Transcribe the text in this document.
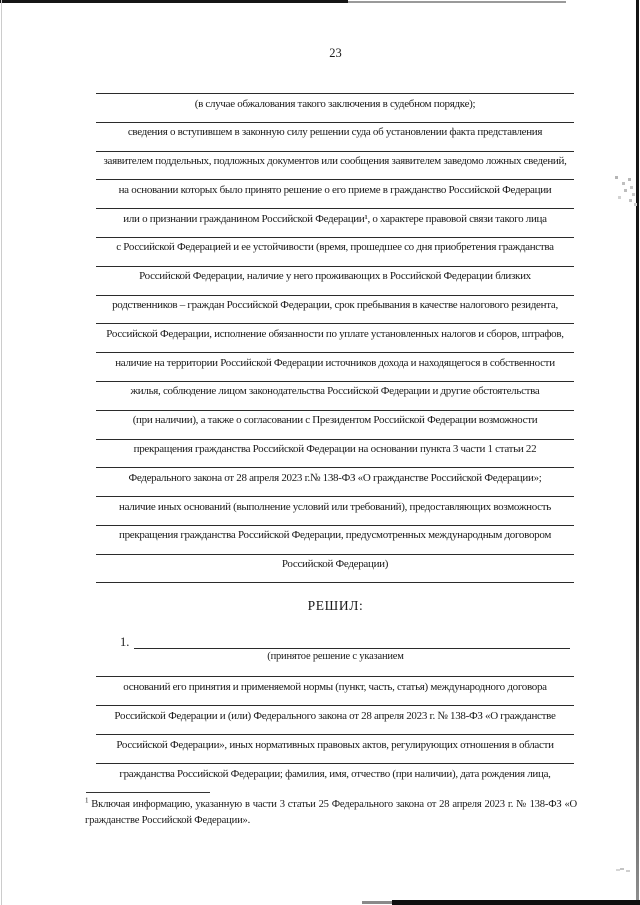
23
(в случае обжалования такого заключения в судебном порядке);
сведения о вступившем в законную силу решении суда об установлении факта представления
заявителем поддельных, подложных документов или сообщения заявителем заведомо ложных сведений,
на основании которых было принято решение о его приеме в гражданство Российской Федерации
или о признании гражданином Российской Федерации¹, о характере правовой связи такого лица
с Российской Федерацией и ее устойчивости (время, прошедшее со дня приобретения гражданства
Российской Федерации, наличие у него проживающих в Российской Федерации близких
родственников – граждан Российской Федерации, срок пребывания в качестве налогового резидента,
Российской Федерации, исполнение обязанности по уплате установленных налогов и сборов, штрафов,
наличие на территории Российской Федерации источников дохода и находящегося в собственности
жилья, соблюдение лицом законодательства Российской Федерации и другие обстоятельства
(при наличии), а также о согласовании с Президентом Российской Федерации возможности
прекращения гражданства Российской Федерации на основании пункта 3 части 1 статьи 22
Федерального закона от 28 апреля 2023 г.№ 138-ФЗ «О гражданстве Российской Федерации»;
наличие иных оснований (выполнение условий или требований), предоставляющих возможность
прекращения гражданства Российской Федерации, предусмотренных международным договором
Российской Федерации)
РЕШИЛ:
1.
(принятое решение с указанием
оснований его принятия и применяемой нормы (пункт, часть, статья) международного договора
Российской Федерации и (или) Федерального закона от 28 апреля 2023 г. № 138-ФЗ «О гражданстве
Российской Федерации», иных нормативных правовых актов, регулирующих отношения в области
гражданства Российской Федерации; фамилия, имя, отчество (при наличии), дата рождения лица,

$^1$ Включая информацию, указанную в части 3 статьи 25 Федерального закона от 28 апреля 2023 г. № 138-ФЗ «О гражданстве Российской Федерации».
